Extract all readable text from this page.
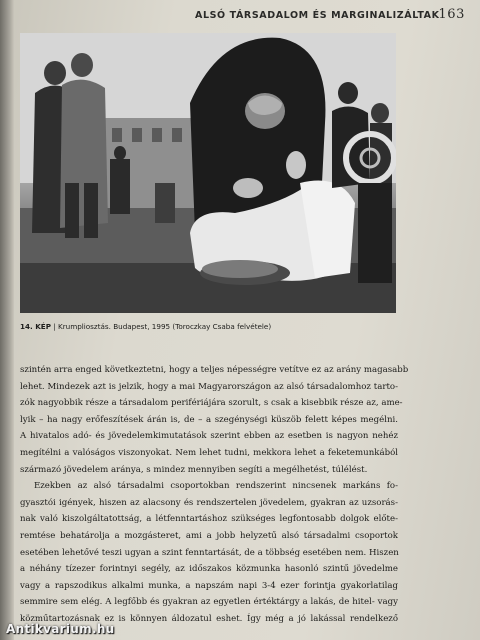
ALSÓ TÁRSADALOM ÉS MARGINALIZÁLTAK
163
14. KÉP | Krumpliosztás. Budapest, 1995 (Toroczkay Csaba felvétele)

szintén arra enged következtetni, hogy a teljes népességre vetítve ez az arány magasabb
lehet. Mindezek azt is jelzik, hogy a mai Magyarországon az alsó társadalomhoz tarto-
zók nagyobbik része a társadalom perifériájára szorult, s csak a kisebbik része az, ame-
lyik – ha nagy erőfeszítések árán is, de – a szegénységi küszöb felett képes megélni.
A hivatalos adó- és jövedelemkimutatások szerint ebben az esetben is nagyon nehéz
megítélni a valóságos viszonyokat. Nem lehet tudni, mekkora lehet a feketemunkából
származó jövedelem aránya, s mindez mennyiben segíti a megélhetést, túlélést.

Ezekben az alsó társadalmi csoportokban rendszerint nincsenek markáns fo-
gyasztói igények, hiszen az alacsony és rendszertelen jövedelem, gyakran az uzsorás-
nak való kiszolgáltatottság, a létfenntartáshoz szükséges legfontosabb dolgok előte-
remtése behatárolja a mozgásteret, ami a jobb helyzetű alsó társadalmi csoportok
esetében lehetővé teszi ugyan a szint fenntartását, de a többség esetében nem. Hiszen
a néhány tízezer forintnyi segély, az időszakos közmunka hasonló szintű jövedelme
vagy a rapszodikus alkalmi munka, a napszám napi 3-4 ezer forintja gyakorlatilag
semmire sem elég. A legfőbb és gyakran az egyetlen értéktárgy a lakás, de hitel- vagy
közműtartozásnak ez is könnyen áldozatul eshet. Így még a jó lakással rendelkező

Antikvarium.hu
